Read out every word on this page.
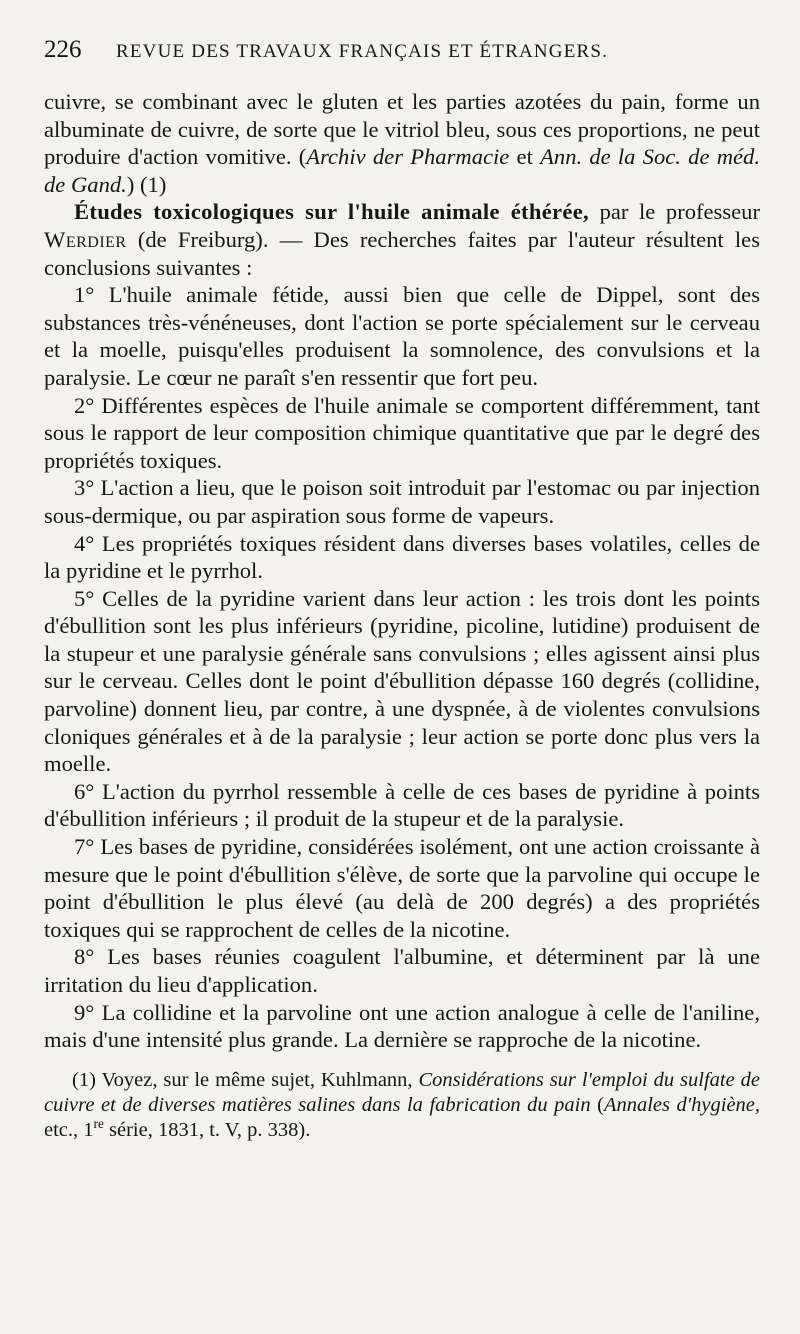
226	REVUE DES TRAVAUX FRANÇAIS ET ÉTRANGERS.

cuivre, se combinant avec le gluten et les parties azotées du pain, forme un albuminate de cuivre, de sorte que le vitriol bleu, sous ces proportions, ne peut produire d'action vomitive. (Archiv der Pharmacie et Ann. de la Soc. de méd. de Gand.) (1)

Études toxicologiques sur l'huile animale éthérée, par le professeur Werdier (de Freiburg). — Des recherches faites par l'auteur résultent les conclusions suivantes :

1° L'huile animale fétide, aussi bien que celle de Dippel, sont des substances très-vénéneuses, dont l'action se porte spécialement sur le cerveau et la moelle, puisqu'elles produisent la somnolence, des convulsions et la paralysie. Le cœur ne paraît s'en ressentir que fort peu.

2° Différentes espèces de l'huile animale se comportent différemment, tant sous le rapport de leur composition chimique quantitative que par le degré des propriétés toxiques.

3° L'action a lieu, que le poison soit introduit par l'estomac ou par injection sous-dermique, ou par aspiration sous forme de vapeurs.

4° Les propriétés toxiques résident dans diverses bases volatiles, celles de la pyridine et le pyrrhol.

5° Celles de la pyridine varient dans leur action : les trois dont les points d'ébullition sont les plus inférieurs (pyridine, picoline, lutidine) produisent de la stupeur et une paralysie générale sans convulsions ; elles agissent ainsi plus sur le cerveau. Celles dont le point d'ébullition dépasse 160 degrés (collidine, parvoline) donnent lieu, par contre, à une dyspnée, à de violentes convulsions cloniques générales et à de la paralysie ; leur action se porte donc plus vers la moelle.

6° L'action du pyrrhol ressemble à celle de ces bases de pyridine à points d'ébullition inférieurs ; il produit de la stupeur et de la paralysie.

7° Les bases de pyridine, considérées isolément, ont une action croissante à mesure que le point d'ébullition s'élève, de sorte que la parvoline qui occupe le point d'ébullition le plus élevé (au delà de 200 degrés) a des propriétés toxiques qui se rapprochent de celles de la nicotine.

8° Les bases réunies coagulent l'albumine, et déterminent par là une irritation du lieu d'application.

9° La collidine et la parvoline ont une action analogue à celle de l'aniline, mais d'une intensité plus grande. La dernière se rapproche de la nicotine.

(1) Voyez, sur le même sujet, Kuhlmann, Considérations sur l'emploi du sulfate de cuivre et de diverses matières salines dans la fabrication du pain (Annales d'hygiène, etc., 1re série, 1831, t. V, p. 338).
